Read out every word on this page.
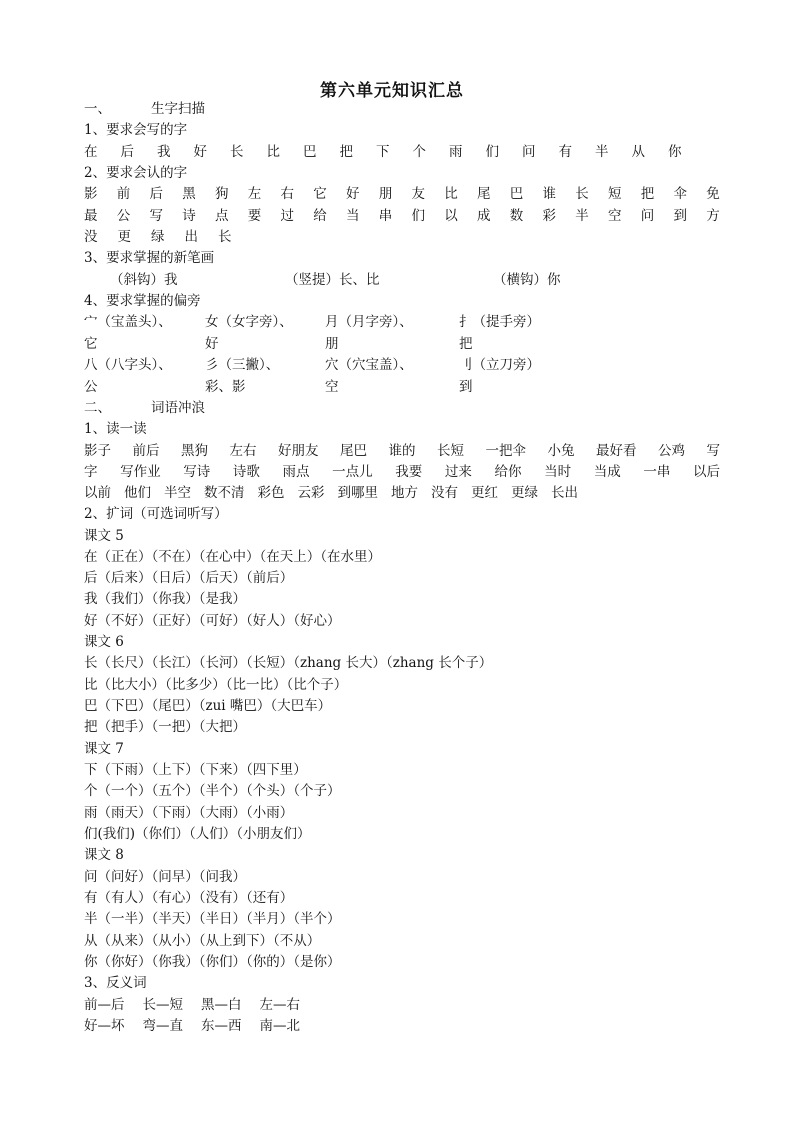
第六单元知识汇总
一、	生字扫描
1、要求会写的字
在 后 我 好 长 比 巴 把 下 个 雨 们 问 有 半 从 你
2、要求会认的字
影 前 后 黑 狗 左 右 它 好 朋 友 比 尾 巴 谁 长 短 把 伞 免
最 公 写 诗 点 要 过 给 当 串 们 以 成 数 彩 半 空 问 到 方
没 更 绿 出 长
3、要求掌握的新笔画
（斜钩）我	（竖提）长、比	（横钩）你
4、要求掌握的偏旁
宀（宝盖头）、 女（女字旁）、 月（月字旁）、	扌（提手旁）
它	好	朋	把
八（八字头）、 彡（三撇）、	穴（穴宝盖）、	刂（立刀旁）
公	彩、影	空	到
二、	词语冲浪
1、读一读
影子 前后 黑狗 左右 好朋友 尾巴 谁的 长短 一把伞 小兔 最好看 公鸡 写
字 写作业 写诗 诗歌 雨点 一点儿 我要 过来 给你 当时 当成 一串 以后
以前 他们 半空 数不清 彩色 云彩 到哪里 地方 没有 更红 更绿 长出
2、扩词（可选词听写）
课文 5
在（正在）（不在）（在心中）（在天上）（在水里）
后（后来）（日后）（后天）（前后）
我（我们）（你我）（是我）
好（不好）（正好）（可好）（好人）（好心）
课文 6
长（长尺）（长江）（长河）（长短）（zhang 长大）（zhang 长个子）
比（比大小）（比多少）（比一比）（比个子）
巴（下巴）（尾巴）（zui 嘴巴）（大巴车）
把（把手）（一把）（大把）
课文 7
下（下雨）（上下）（下来）（四下里）
个（一个）（五个）（半个）（个头）（个子）
雨（雨天）（下雨）（大雨）（小雨）
们(我们)（你们）（人们）（小朋友们）
课文 8
问（问好）（问早）（问我）
有（有人）（有心）（没有）（还有）
半（一半）（半天）（半日）（半月）（半个）
从（从来）（从小）（从上到下）（不从）
你（你好）（你我）（你们）（你的）（是你）
3、反义词
前—后 长—短 黑—白 左—右
好—坏 弯—直 东—西 南—北
